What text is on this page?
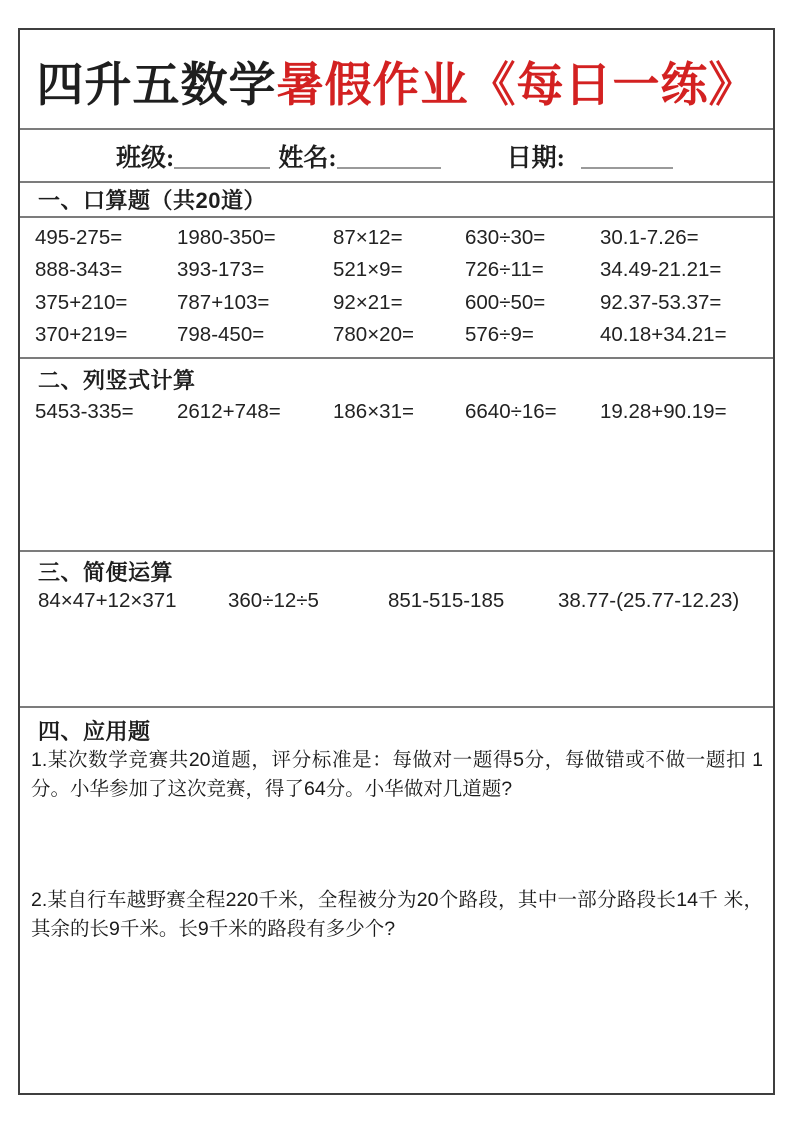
四升五数学暑假作业《每日一练》
班级:	姓名:	日期:
一、口算题（共20道）
495-275=	1980-350=	87×12=	630÷30=	30.1-7.26=
888-343=	393-173=	521×9=	726÷11=	34.49-21.21=
375+210=	787+103=	92×21=	600÷50=	92.37-53.37=
370+219=	798-450=	780×20=	576÷9=	40.18+34.21=
二、列竖式计算
5453-335=	2612+748=	186×31=	6640÷16=	19.28+90.19=
三、简便运算
84×47+12×371	360÷12÷5	851-515-185	38.77-(25.77-12.23)
四、应用题

1.某次数学竞赛共20道题，评分标准是：每做对一题得5分，每做错或不做一题扣 1分。小华参加了这次竞赛，得了64分。小华做对几道题?

2.某自行车越野赛全程220千米，全程被分为20个路段，其中一部分路段长14千 米，其余的长9千米。长9千米的路段有多少个?
